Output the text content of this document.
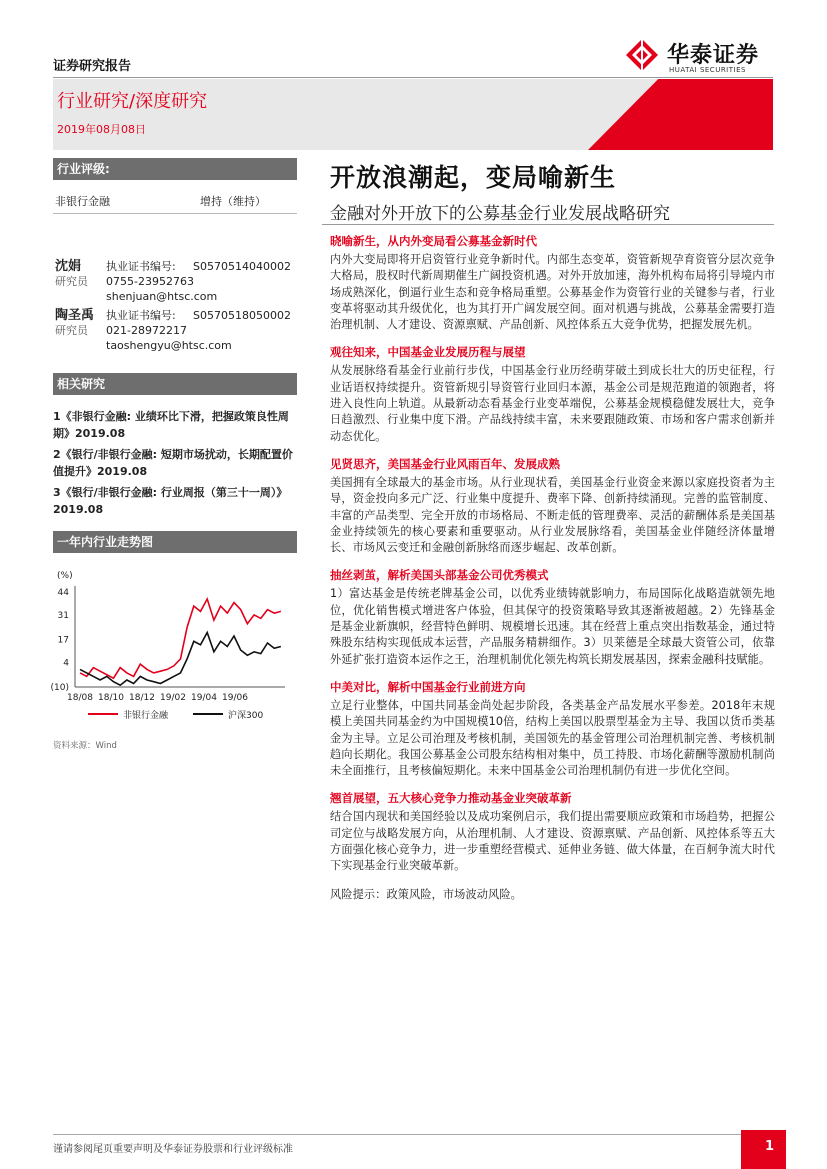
证券研究报告	华泰证券
HUATAI SECURITIES
行业研究/深度研究
2019年08月08日
行业评级:
非银行金融	增持（维持）
沈娟
研究员
执业证书编号: S0570514040002
0755-23952763
shenjuan@htsc.com
陶圣禹
研究员
执业证书编号: S0570518050002
021-28972217
taoshengyu@htsc.com
相关研究

1《非银行金融: 业绩环比下滑，把握政策良性周期》2019.08

2《银行/非银行金融: 短期市场扰动，长期配置价值提升》2019.08

3《银行/非银行金融: 行业周报（第三十一周）》2019.08

一年内行业走势图
(%)
44
31
17
4
(10)
18/08 18/10 18/12 19/02 19/04 19/06
非银行金融	沪深300
资料来源：Wind
开放浪潮起，变局喻新生
金融对外开放下的公募基金行业发展战略研究

晓喻新生，从内外变局看公募基金新时代

内外大变局即将开启资管行业竞争新时代。内部生态变革，资管新规孕育资管分层次竞争大格局，股权时代新周期催生广阔投资机遇。对外开放加速，海外机构布局将引导境内市场成熟深化，倒逼行业生态和竞争格局重塑。公募基金作为资管行业的关键参与者，行业变革将驱动其升级优化，也为其打开广阔发展空间。面对机遇与挑战，公募基金需要打造治理机制、人才建设、资源禀赋、产品创新、风控体系五大竞争优势，把握发展先机。

观往知来，中国基金业发展历程与展望

从发展脉络看基金行业前行步伐，中国基金行业历经萌芽破土到成长壮大的历史征程，行业话语权持续提升。资管新规引导资管行业回归本源，基金公司是规范跑道的领跑者，将进入良性向上轨道。从最新动态看基金行业变革端倪，公募基金规模稳健发展壮大，竞争日趋激烈、行业集中度下滑。产品线持续丰富，未来要跟随政策、市场和客户需求创新并动态优化。

见贤思齐，美国基金行业风雨百年、发展成熟

美国拥有全球最大的基金市场。从行业现状看，美国基金行业资金来源以家庭投资者为主导，资金投向多元广泛、行业集中度提升、费率下降、创新持续涌现。完善的监管制度、丰富的产品类型、完全开放的市场格局、不断走低的管理费率、灵活的薪酬体系是美国基金业持续领先的核心要素和重要驱动。从行业发展脉络看，美国基金业伴随经济体量增长、市场风云变迁和金融创新脉络而逐步崛起、改革创新。

抽丝剥茧，解析美国头部基金公司优秀模式

1）富达基金是传统老牌基金公司，以优秀业绩铸就影响力，布局国际化战略造就领先地位，优化销售模式增进客户体验，但其保守的投资策略导致其逐渐被超越。2）先锋基金是基金业新旗帜，经营特色鲜明、规模增长迅速。其在经营上重点突出指数基金，通过特殊股东结构实现低成本运营，产品服务精耕细作。3）贝莱德是全球最大资管公司，依靠外延扩张打造资本运作之王，治理机制优化领先构筑长期发展基因，探索金融科技赋能。

中美对比，解析中国基金行业前进方向

立足行业整体，中国共同基金尚处起步阶段，各类基金产品发展水平参差。2018年末规模上美国共同基金约为中国规模10倍，结构上美国以股票型基金为主导、我国以货币类基金为主导。立足公司治理及考核机制，美国领先的基金管理公司治理机制完善、考核机制趋向长期化。我国公募基金公司股东结构相对集中，员工持股、市场化薪酬等激励机制尚未全面推行，且考核偏短期化。未来中国基金公司治理机制仍有进一步优化空间。

翘首展望，五大核心竞争力推动基金业突破革新

结合国内现状和美国经验以及成功案例启示，我们提出需要顺应政策和市场趋势，把握公司定位与战略发展方向，从治理机制、人才建设、资源禀赋、产品创新、风控体系等五大方面强化核心竞争力，进一步重塑经营模式、延伸业务链、做大体量，在百舸争流大时代下实现基金行业突破革新。

风险提示：政策风险，市场波动风险。

谨请参阅尾页重要声明及华泰证券股票和行业评级标准	1
